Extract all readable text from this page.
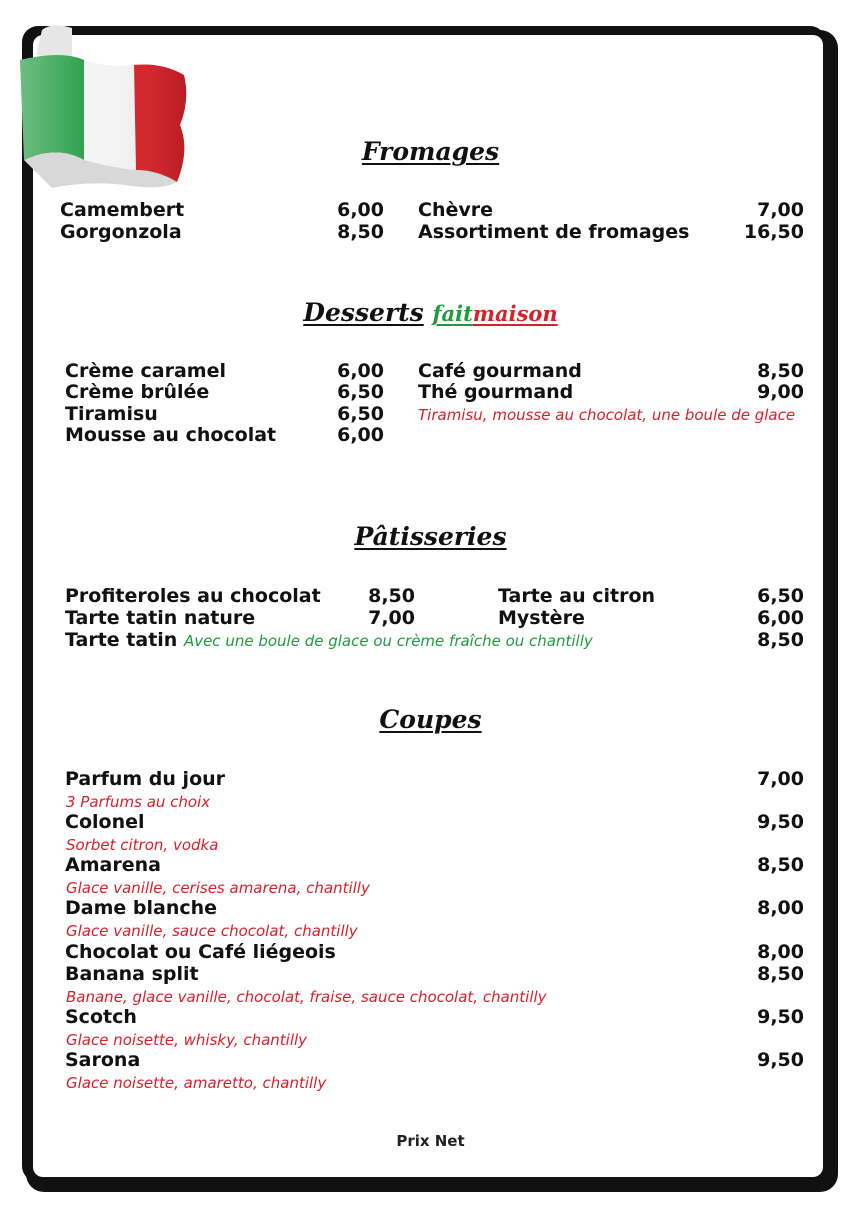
Fromages
Camembert	6,00
Gorgonzola	8,50
Chèvre	7,00
Assortiment de fromages	16,50
Desserts faitmaison
Crème caramel	6,00
Crème brûlée	6,50
Tiramisu	6,50
Mousse au chocolat	6,00
Café gourmand	8,50
Thé gourmand	9,00
Tiramisu, mousse au chocolat, une boule de glace
Pâtisseries
Profiteroles au chocolat	8,50
Tarte tatin nature	7,00
Tarte au citron	6,50
Mystère	6,00
Tarte tatin Avec une boule de glace ou crème fraîche ou chantilly	8,50
Coupes
Parfum du jour	7,00
3 Parfums au choix
Colonel	9,50
Sorbet citron, vodka
Amarena	8,50
Glace vanille, cerises amarena, chantilly
Dame blanche	8,00
Glace vanille, sauce chocolat, chantilly
Chocolat ou Café liégeois	8,00
Banana split	8,50
Banane, glace vanille, chocolat, fraise, sauce chocolat, chantilly
Scotch	9,50
Glace noisette, whisky, chantilly
Sarona	9,50
Glace noisette, amaretto, chantilly
Prix Net
